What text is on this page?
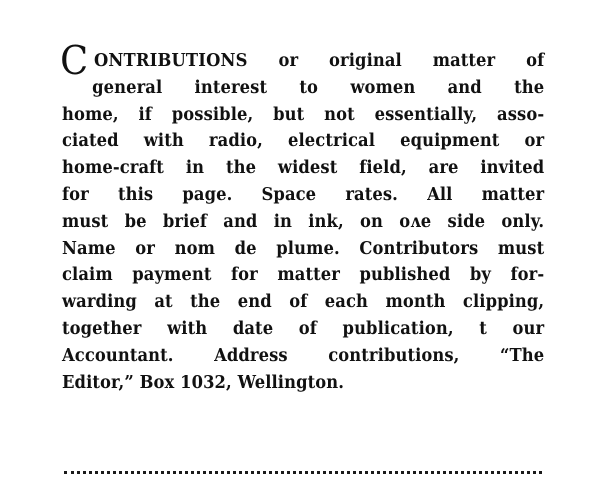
C ONTRIBUTIONS or original matter of
general interest to women and the
home, if possible, but not essentially, asso-
ciated with radio, electrical equipment or
home-craft in the widest field, are invited
for this page. Space rates. All matter
must be brief and in ink, on oʌe side only.
Name or nom de plume. Contributors must
claim payment for matter published by for-
warding at the end of each month clipping,
together with date of publication, t our
Accountant. Address contributions, “The
Editor,” Box 1032, Wellington.
